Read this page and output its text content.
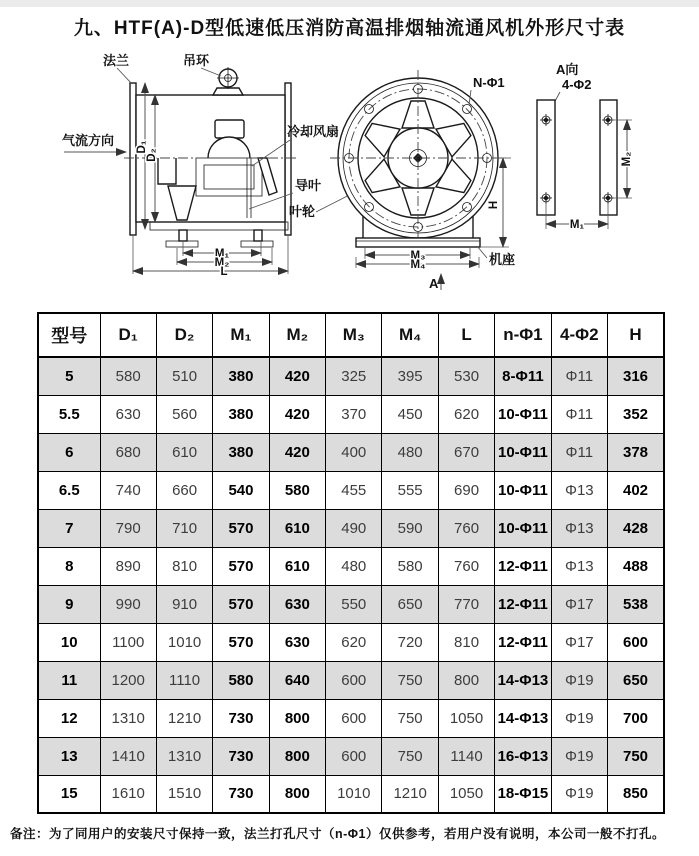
九、HTF(A)-D型低速低压消防高温排烟轴流通风机外形尺寸表
法兰	吊环
气流方向
冷却风扇
导叶
叶轮
D₁
D₂
M₁
M₂
L
N-Φ1
机座
H
M₃
M₄
A
A向
4-Φ2
M₂
M₁
型号	D₁	D₂	M₁	M₂	M₃	M₄	L	n-Φ1	4-Φ2	H
5	580	510	380	420	325	395	530	8-Φ11	Φ11	316
5.5	630	560	380	420	370	450	620	10-Φ11	Φ11	352
6	680	610	380	420	400	480	670	10-Φ11	Φ11	378
6.5	740	660	540	580	455	555	690	10-Φ11	Φ13	402
7	790	710	570	610	490	590	760	10-Φ11	Φ13	428
8	890	810	570	610	480	580	760	12-Φ11	Φ13	488
9	990	910	570	630	550	650	770	12-Φ11	Φ17	538
10	1100	1010	570	630	620	720	810	12-Φ11	Φ17	600
11	1200	1110	580	640	600	750	800	14-Φ13	Φ19	650
12	1310	1210	730	800	600	750	1050	14-Φ13	Φ19	700
13	1410	1310	730	800	600	750	1140	16-Φ13	Φ19	750
15	1610	1510	730	800	1010	1210	1050	18-Φ15	Φ19	850

备注：为了同用户的安装尺寸保持一致，法兰打孔尺寸（n-Φ1）仅供参考，若用户没有说明，本公司一般不打孔。
